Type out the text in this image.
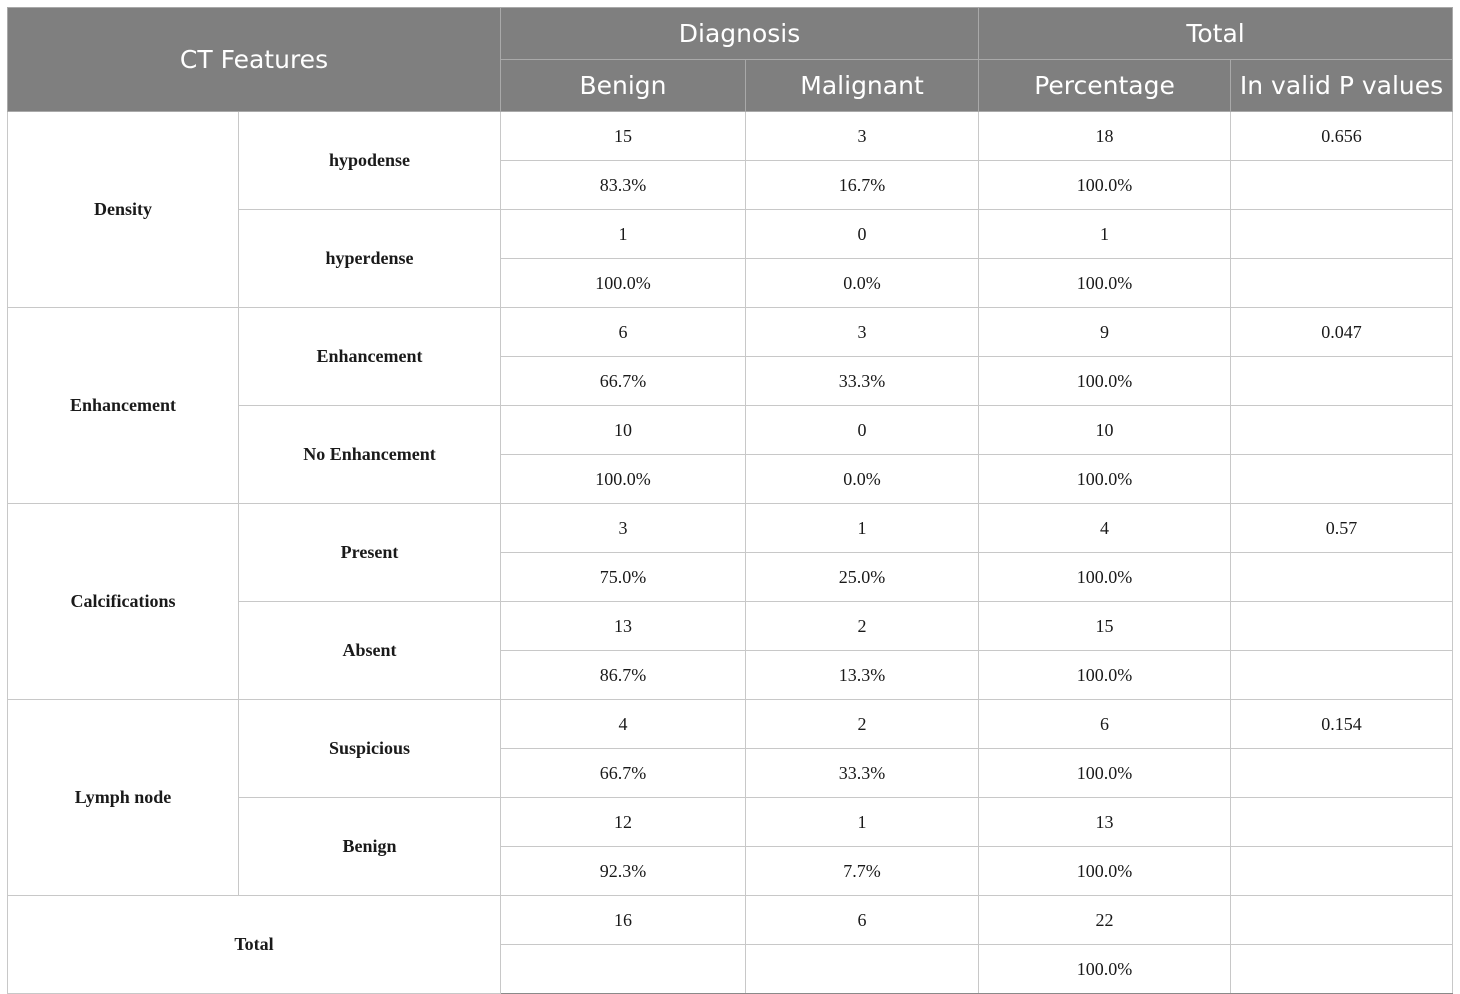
CT Features		Diagnosis		Total	
		Benign	Malignant	Percentage	In valid P values
Density	hypodense	15	3	18	0.656
		83.3%	16.7%	100.0%	
	hyperdense	1	0	1	
		100.0%	0.0%	100.0%	
Enhancement	Enhancement	6	3	9	0.047
		66.7%	33.3%	100.0%	
	No Enhancement	10	0	10	
		100.0%	0.0%	100.0%	
Calcifications	Present	3	1	4	0.57
		75.0%	25.0%	100.0%	
	Absent	13	2	15	
		86.7%	13.3%	100.0%	
Lymph node	Suspicious	4	2	6	0.154
		66.7%	33.3%	100.0%	
	Benign	12	1	13	
		92.3%	7.7%	100.0%	
Total		16	6	22	
				100.0%	
